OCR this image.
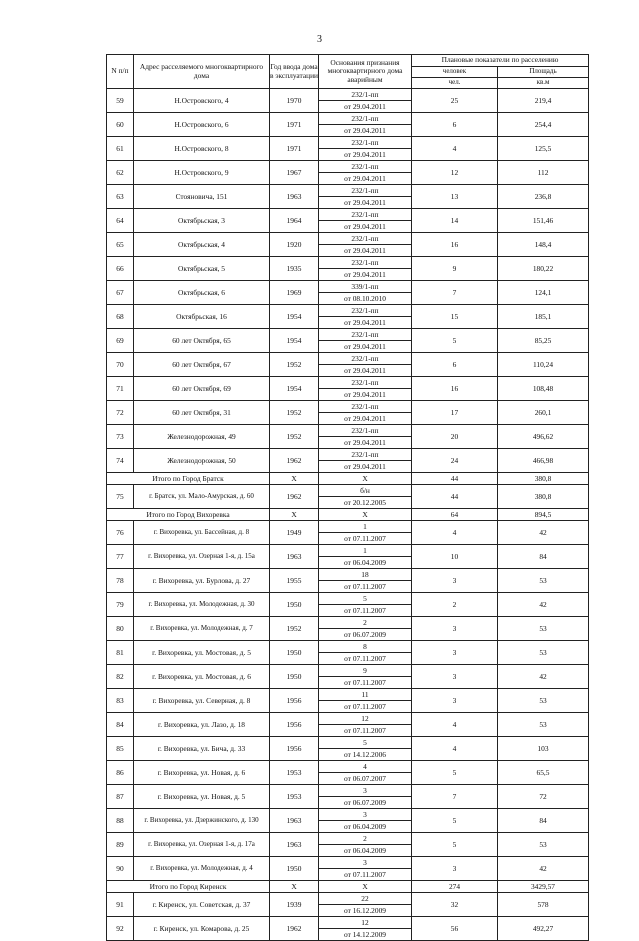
3
N п/п	Адрес расселяемого многоквартирного дома	Год ввода дома в эксплуатации	Основания признания многоквартирного дома аварийным	Плановые показатели по расселению	
				человек	Площадь
				чел.	кв.м
59	Н.Островского, 4	1970	232/1-пп
от 29.04.2011	25	219,4
60	Н.Островского, 6	1971	232/1-пп
от 29.04.2011	6	254,4
61	Н.Островского, 8	1971	232/1-пп
от 29.04.2011	4	125,5
62	Н.Островского, 9	1967	232/1-пп
от 29.04.2011	12	112
63	Стояновича, 151	1963	232/1-пп
от 29.04.2011	13	236,8
64	Октябрьская, 3	1964	232/1-пп
от 29.04.2011	14	151,46
65	Октябрьская, 4	1920	232/1-пп
от 29.04.2011	16	148,4
66	Октябрьская, 5	1935	232/1-пп
от 29.04.2011	9	180,22
67	Октябрьская, 6	1969	339/1-пп
от 08.10.2010	7	124,1
68	Октябрьская, 16	1954	232/1-пп
от 29.04.2011	15	185,1
69	60 лет Октября, 65	1954	232/1-пп
от 29.04.2011	5	85,25
70	60 лет Октября, 67	1952	232/1-пп
от 29.04.2011	6	110,24
71	60 лет Октября, 69	1954	232/1-пп
от 29.04.2011	16	108,48
72	60 лет Октября, 31	1952	232/1-пп
от 29.04.2011	17	260,1
73	Железнодорожная, 49	1952	232/1-пп
от 29.04.2011	20	496,62
74	Железнодорожная, 50	1962	232/1-пп
от 29.04.2011	24	466,98
Итого по Город Братск		X	X	44	380,8
75	г. Братск, ул. Мало-Амурская, д. 60	1962	б/н
от 20.12.2005	44	380,8
Итого по Город Вихоревка		X	X	64	894,5
76	г. Вихоревка, ул. Бассейная, д. 8	1949	1
от 07.11.2007	4	42
77	г. Вихоревка, ул. Озерная 1-я, д. 15а	1963	1
от 06.04.2009	10	84
78	г. Вихоревка, ул. Бурлова, д. 27	1955	18
от 07.11.2007	3	53
79	г. Вихоревка, ул. Молодежная, д. 30	1950	5
от 07.11.2007	2	42
80	г. Вихоревка, ул. Молодежная, д. 7	1952	2
от 06.07.2009	3	53
81	г. Вихоревка, ул. Мостовая, д. 5	1950	8
от 07.11.2007	3	53
82	г. Вихоревка, ул. Мостовая, д. 6	1950	9
от 07.11.2007	3	42
83	г. Вихоревка, ул. Северная, д. 8	1956	11
от 07.11.2007	3	53
84	г. Вихоревка, ул. Лазо, д. 18	1956	12
от 07.11.2007	4	53
85	г. Вихоревка, ул. Бича, д. 33	1956	5
от 14.12.2006	4	103
86	г. Вихоревка, ул. Новая, д. 6	1953	4
от 06.07.2007	5	65,5
87	г. Вихоревка, ул. Новая, д. 5	1953	3
от 06.07.2009	7	72
88	г. Вихоревка, ул. Дзержинского, д. 130	1963	3
от 06.04.2009	5	84
89	г. Вихоревка, ул. Озерная 1-я, д. 17а	1963	2
от 06.04.2009	5	53
90	г. Вихоревка, ул. Молодежная, д. 4	1950	3
от 07.11.2007	3	42
Итого по Город Киренск		X	X	274	3429,57
91	г. Киренск, ул. Советская, д. 37	1939	22
от 16.12.2009	32	578
92	г. Киренск, ул. Комарова, д. 25	1962	12
от 14.12.2009	56	492,27
